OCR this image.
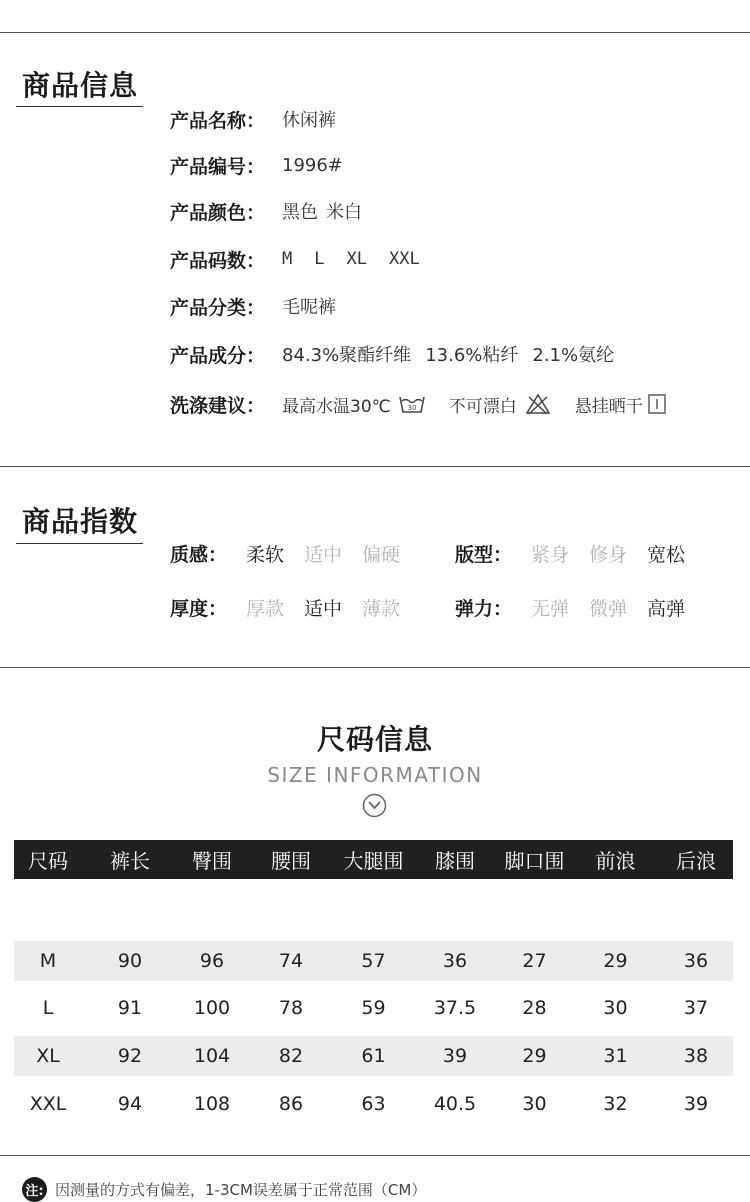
商品信息
产品名称： 休闲裤
产品编号： 1996#
产品颜色： 黑色 米白
产品码数： M L XL XXL
产品分类： 毛呢裤
产品成分： 84.3%聚酯纤维 13.6%粘纤 2.1%氨纶
洗涤建议： 最高水温30℃ 30 不可漂白	悬挂晒干
商品指数
质感： 柔软	适中	偏硬	版型： 紧身	修身	宽松
厚度： 厚款	适中	薄款	弹力： 无弹	微弹	高弹
尺码信息
SIZE INFORMATION
尺码	裤长	臀围	腰围	大腿围	膝围	脚口围	前浪	后浪
M	90	96	74	57	36	27	29	36
L	91	100	78	59	37.5	28	30	37
XL	92	104	82	61	39	29	31	38
XXL	94	108	86	63	40.5	30	32	39
注: 因测量的方式有偏差，1-3CM误差属于正常范围（CM）
